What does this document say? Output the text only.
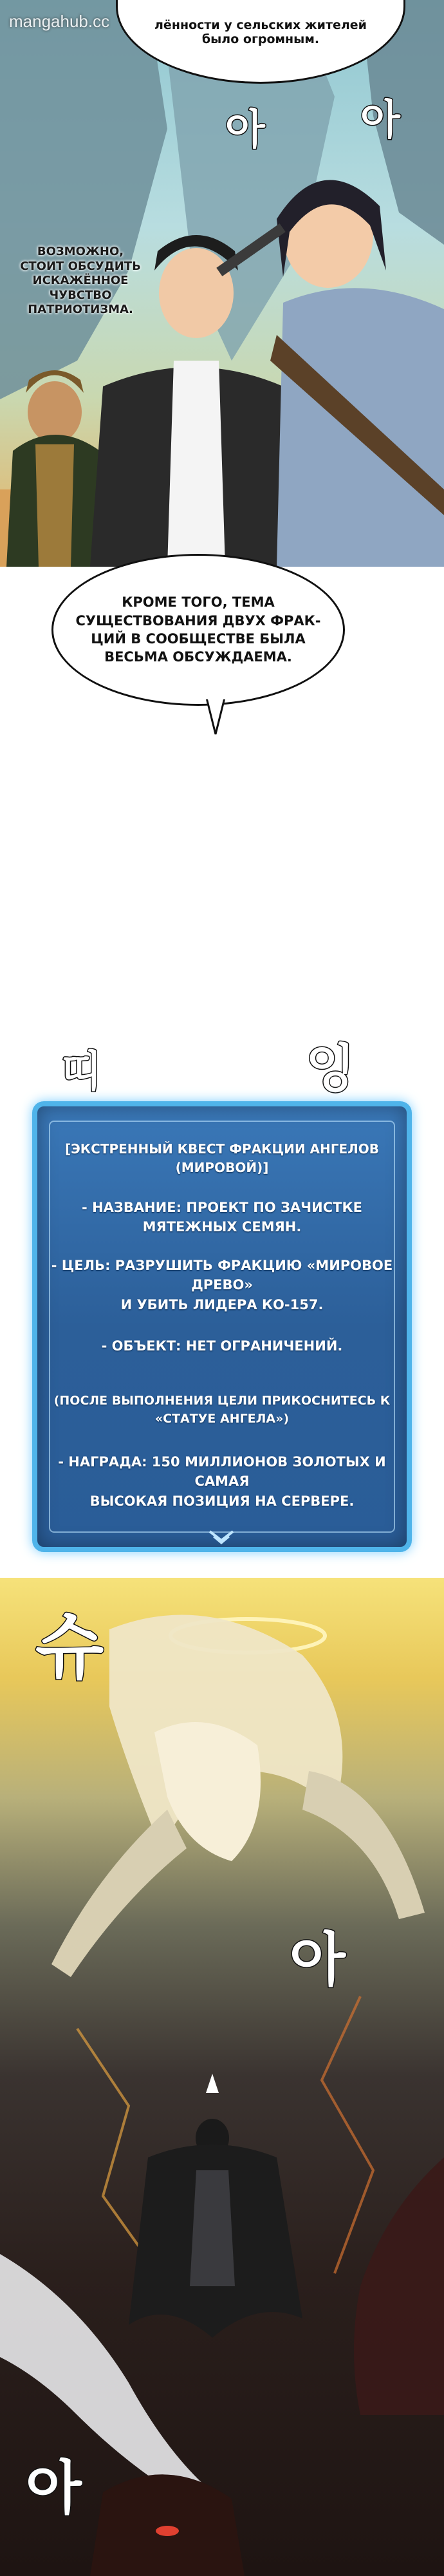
лённости у сельских жителей
было огромным.
아 아
ВОЗМОЖНО,
СТОИТ ОБСУДИТЬ
ИСКАЖЁННОЕ ЧУВСТВО
ПАТРИОТИЗМА.
mangahub.cc
КРОМЕ ТОГО, ТЕМА
СУЩЕСТВОВАНИЯ ДВУХ ФРАК-
ЦИЙ В СООБЩЕСТВЕ БЫЛА
ВЕСЬМА ОБСУЖДАЕМА.
띠	잉
[ЭКСТРЕННЫЙ КВЕСТ ФРАКЦИИ АНГЕЛОВ (МИРОВОЙ)]
- НАЗВАНИЕ: ПРОЕКТ ПО ЗАЧИСТКЕ МЯТЕЖНЫХ СЕМЯН.
- ЦЕЛЬ: РАЗРУШИТЬ ФРАКЦИЮ «МИРОВОЕ ДРЕВО»
И УБИТЬ ЛИДЕРА КО-157.
- ОБЪЕКТ: НЕТ ОГРАНИЧЕНИЙ.
(ПОСЛЕ ВЫПОЛНЕНИЯ ЦЕЛИ ПРИКОСНИТЕСЬ К «СТАТУЕ АНГЕЛА»)
- НАГРАДА: 150 МИЛЛИОНОВ ЗОЛОТЫХ И САМАЯ
ВЫСОКАЯ ПОЗИЦИЯ НА СЕРВЕРЕ.
슈
아
아
